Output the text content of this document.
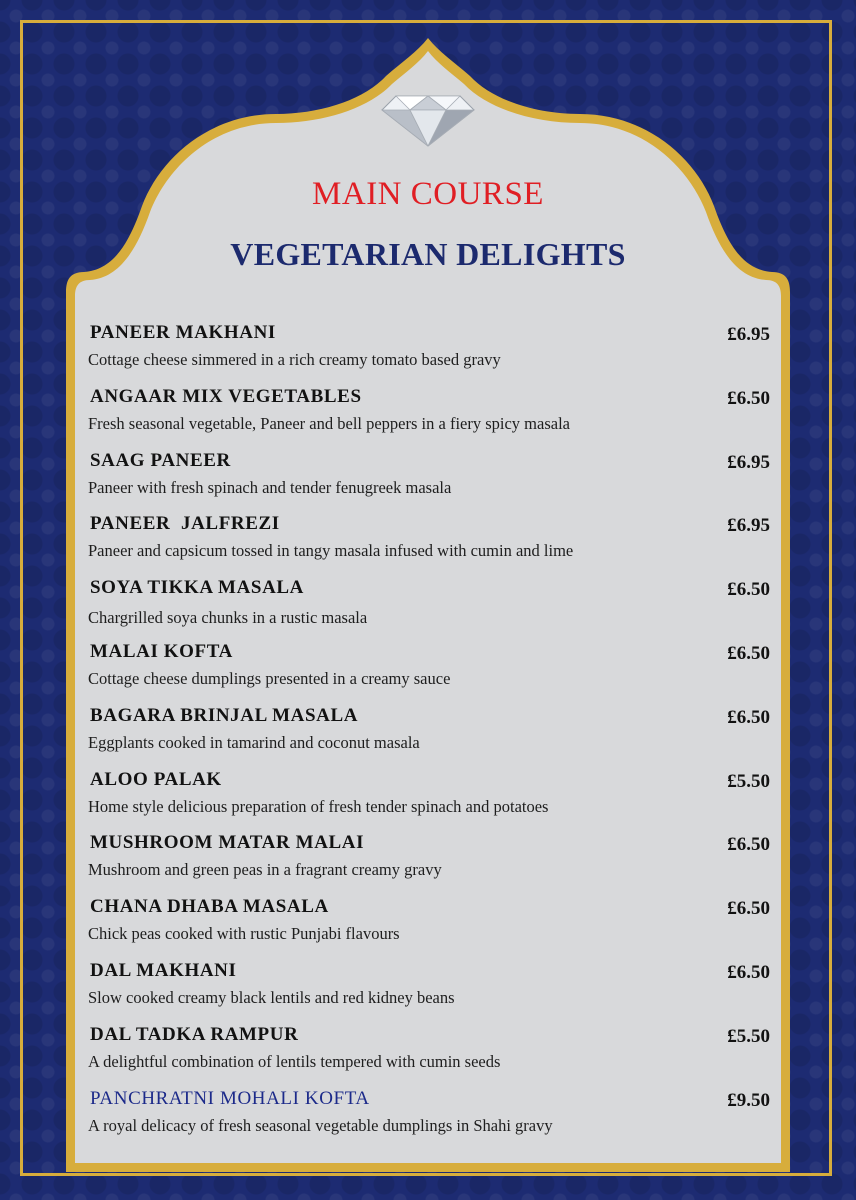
MAIN COURSE
VEGETARIAN DELIGHTS
PANEER MAKHANI	£6.95
Cottage cheese simmered in a rich creamy tomato based gravy
ANGAAR MIX VEGETABLES	£6.50
Fresh seasonal vegetable, Paneer and bell peppers in a fiery spicy masala
SAAG PANEER	£6.95
Paneer with fresh spinach and tender fenugreek masala
PANEER  JALFREZI	£6.95
Paneer and capsicum tossed in tangy masala infused with cumin and lime
SOYA TIKKA MASALA	£6.50
Chargrilled soya chunks in a rustic masala
MALAI KOFTA	£6.50
Cottage cheese dumplings presented in a creamy sauce
BAGARA BRINJAL MASALA	£6.50
Eggplants cooked in tamarind and coconut masala
ALOO PALAK	£5.50
Home style delicious preparation of fresh tender spinach and potatoes
MUSHROOM MATAR MALAI	£6.50
Mushroom and green peas in a fragrant creamy gravy
CHANA DHABA MASALA	£6.50
Chick peas cooked with rustic Punjabi flavours
DAL MAKHANI	£6.50
Slow cooked creamy black lentils and red kidney beans
DAL TADKA RAMPUR	£5.50
A delightful combination of lentils tempered with cumin seeds
PANCHRATNI MOHALI KOFTA	£9.50
A royal delicacy of fresh seasonal vegetable dumplings in Shahi gravy
